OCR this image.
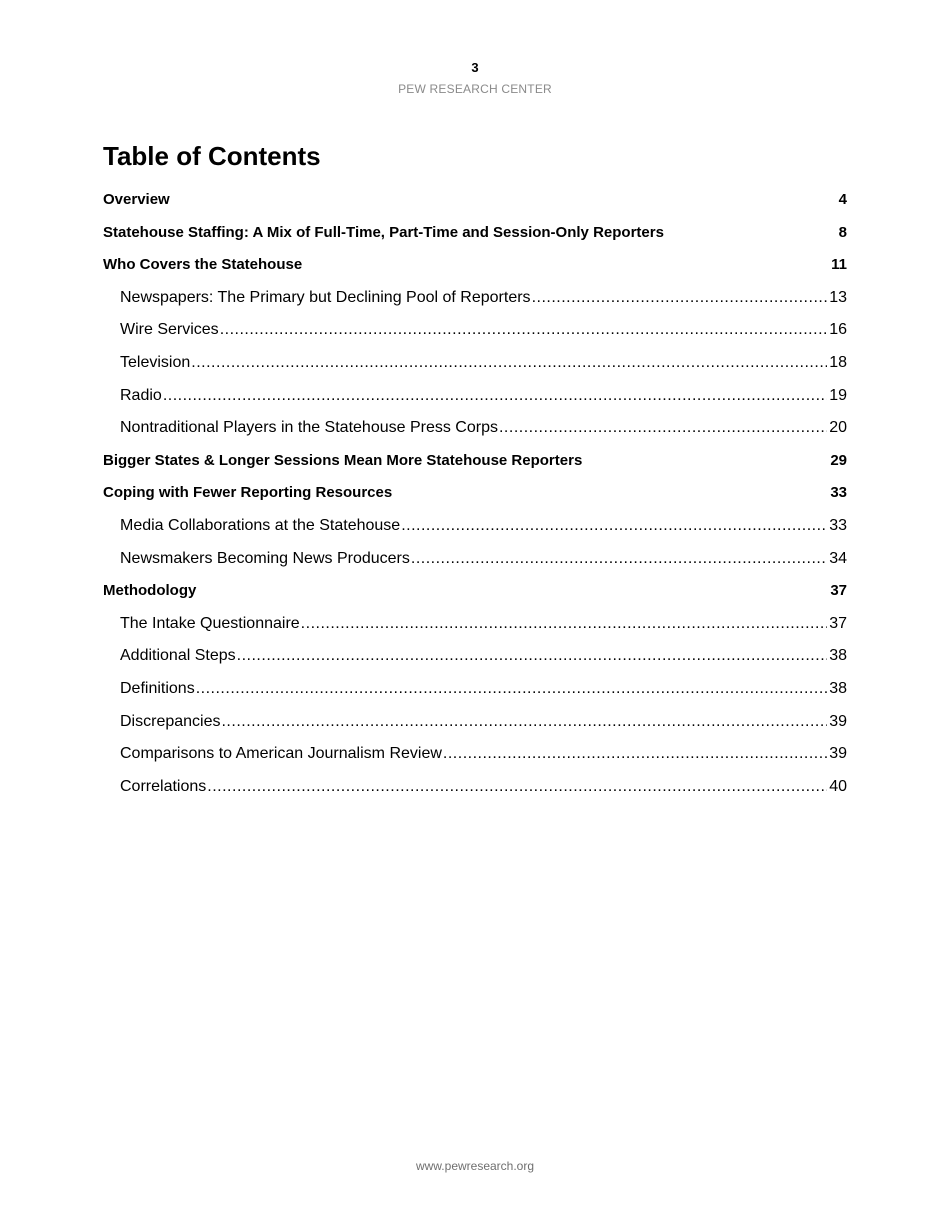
3
PEW RESEARCH CENTER
Table of Contents
Overview	4
Statehouse Staffing: A Mix of Full-Time, Part-Time and Session-Only Reporters	8
Who Covers the Statehouse	11
Newspapers: The Primary but Declining Pool of Reporters .....	13
Wire Services .....	16
Television .....	18
Radio .....	19
Nontraditional Players in the Statehouse Press Corps .....	20
Bigger States & Longer Sessions Mean More Statehouse Reporters	29
Coping with Fewer Reporting Resources	33
Media Collaborations at the Statehouse .....	33
Newsmakers Becoming News Producers .....	34
Methodology	37
The Intake Questionnaire .....	37
Additional Steps .....	38
Definitions .....	38
Discrepancies .....	39
Comparisons to American Journalism Review .....	39
Correlations .....	40
www.pewresearch.org
